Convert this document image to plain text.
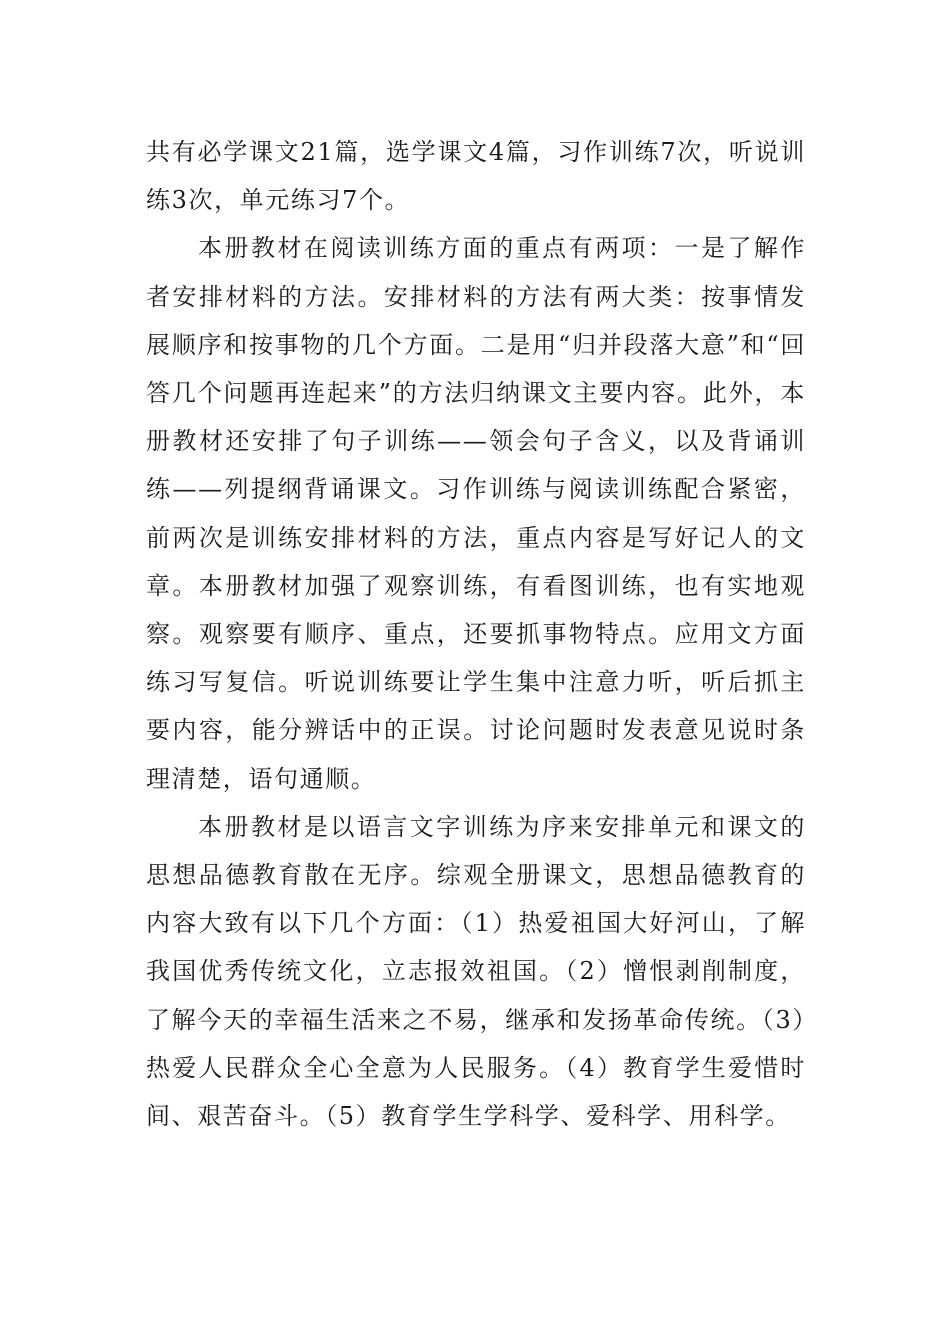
共有必学课文21篇，选学课文4篇，习作训练7次，听说训练3次，单元练习7个。

本册教材在阅读训练方面的重点有两项：一是了解作者安排材料的方法。安排材料的方法有两大类：按事情发展顺序和按事物的几个方面。二是用“归并段落大意”和“回答几个问题再连起来”的方法归纳课文主要内容。此外，本册教材还安排了句子训练——领会句子含义，以及背诵训练——列提纲背诵课文。习作训练与阅读训练配合紧密，前两次是训练安排材料的方法，重点内容是写好记人的文章。本册教材加强了观察训练，有看图训练，也有实地观察。观察要有顺序、重点，还要抓事物特点。应用文方面练习写复信。听说训练要让学生集中注意力听，听后抓主要内容，能分辨话中的正误。讨论问题时发表意见说时条理清楚，语句通顺。

本册教材是以语言文字训练为序来安排单元和课文的思想品德教育散在无序。综观全册课文，思想品德教育的内容大致有以下几个方面：（1）热爱祖国大好河山，了解我国优秀传统文化，立志报效祖国。（2）憎恨剥削制度，了解今天的幸福生活来之不易，继承和发扬革命传统。（3）热爱人民群众全心全意为人民服务。（4）教育学生爱惜时间、艰苦奋斗。（5）教育学生学科学、爱科学、用科学。
